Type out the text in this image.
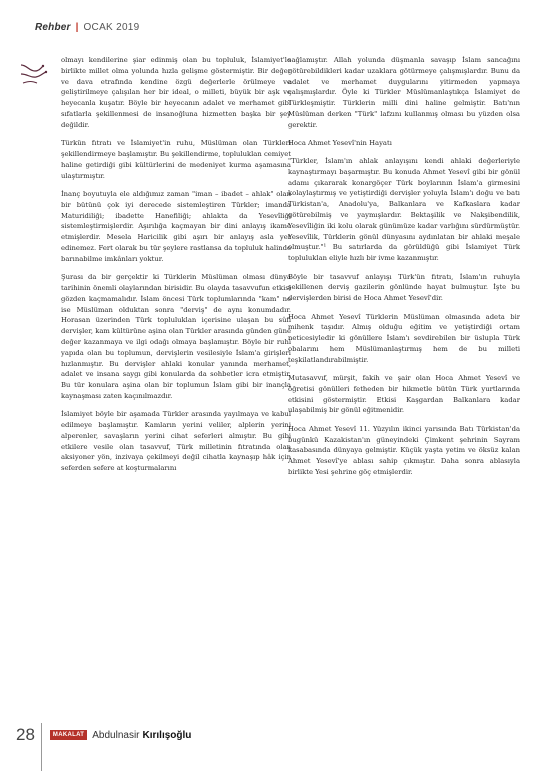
Rehber | OCAK 2019

olmayı kendilerine şiar edinmiş olan bu topluluk, İslamiyet'le birlikte millet olma yolunda hızla gelişme göstermiştir. Bir değer ve dava etrafında kendine özgü değerlerle örülmeye ve geliştirilmeye çalışılan her bir ideal, o milleti, büyük bir aşk ve heyecanla kuşatır. Böyle bir heyecanın adalet ve merhamet gibi sıfatlarla şekillenmesi de insanoğluna hizmetten başka bir şey değildir.

Türkün fıtratı ve İslamiyet'in ruhu, Müslüman olan Türkleri şekillendirmeye başlamıştır. Bu şekillendirme, topluluklan cemiyet haline getirdiği gibi kültürlerini de medeniyet kurma aşamasına ulaştırmıştır.

İnanç boyutuyla ele aldığımız zaman "iman – ibadet – ahlak" olan bir bütünü çok iyi derecede sistemleştiren Türkler; imanda Maturidiliği; ibadette Hanefiliği; ahlakta da Yesevîliği sistemleştirmişlerdir. Aşırılığa kaçmayan bir dini anlayış ikame etmişlerdir. Mesela Haricilik gibi aşırı bir anlayış asla yer edinemez. Fert olarak bu tür şeylere rastlansa da topluluk halinde barınabilme imkânları yoktur.

Şurası da bir gerçektir ki Türklerin Müslüman olması dünya tarihinin önemli olaylarından birisidir. Bu olayda tasavvufun etkisi gözden kaçmamalıdır. İslam öncesi Türk toplumlarında "kam" ne ise Müslüman olduktan sonra "derviş" de aynı konumdadır. Horasan üzerinden Türk topluluklan içerisine ulaşan bu sûfi dervişler, kam kültürüne aşina olan Türkler arasında günden güne değer kazanmaya ve ilgi odağı olmaya başlamıştır. Böyle bir ruhi yapıda olan bu toplumun, dervişlerin vesilesiyle İslam'a girişleri hızlanmıştır. Bu dervişler ahlaki konular yanında merhamet, adalet ve insana saygı gibi konularda da sohbetler icra etmiştir. Bu tür konulara aşina olan bir toplumun İslam gibi bir inançla kaynaşması zaten kaçınılmazdır.

İslamiyet böyle bir aşamada Türkler arasında yayılmaya ve kabul edilmeye başlamıştır. Kamların yerini veliler, alplerin yerini alperenler, savaşların yerini cihat seferleri almıştır. Bu gibi etkilere vesile olan tasavvuf, Türk milletinin fıtratında olan aksiyoner yön, inzivaya çekilmeyi değil cihatla kaynaşıp hâk için seferden sefere at koşturmalarını

sağlamıştır. Allah yolunda düşmanla savaşıp İslam sancağını götürebildikleri kadar uzaklara götürmeye çalışmışlardır. Bunu da adalet ve merhamet duygularını yitirmeden yapmaya çalışmışlardır. Öyle ki Türkler Müslümanlaştıkça İslamiyet de Türkleşmiştir. Türklerin milli dini haline gelmiştir. Batı'nın Müslüman derken "Türk" lafzını kullanmış olması bu yüzden olsa gerektir.

Hoca Ahmet Yesevî'nin Hayatı

"Türkler, İslam'ın ahlak anlayışını kendi ahlaki değerleriyle kaynaştırmayı başarmıştır. Bu konuda Ahmet Yesevî gibi bir gönül adamı çıkararak konargöçer Türk boylarının İslam'a girmesini kolaylaştırmış ve yetiştirdiği dervişler yoluyla İslam'ı doğu ve batı Türkistan'a, Anadolu'ya, Balkanlara ve Kafkaslara kadar götürebilmiş ve yaymışlardır. Bektaşilik ve Nakşibendilik, Yesevîliğin iki kolu olarak günümüze kadar varlığını sürdürmüştür. Yesevîlik, Türklerin gönül dünyasını aydınlatan bir ahlaki meşale olmuştur."¹ Bu satırlarda da görüldüğü gibi İslamiyet Türk topluluklan eliyle hızlı bir ivme kazanmıştır.

Böyle bir tasavvuf anlayışı Türk'ün fıtratı, İslam'ın ruhuyla şekillenen derviş gazilerin gönlünde hayat bulmuştur. İşte bu dervişlerden birisi de Hoca Ahmet Yesevî'dir.

Hoca Ahmet Yesevî Türklerin Müslüman olmasında adeta bir mihenk taşıdır. Almış olduğu eğitim ve yetiştirdiği ortam neticesiyledir ki gönüllere İslam'ı sevdirebilen bir üslupla Türk obalarını hem Müslümanlaştırmış hem de bu milleti teşkilatlandırabilmiştir.

Mutasavvıf, mürşit, fakih ve şair olan Hoca Ahmet Yesevî ve öğretisi gönülleri fetheden bir hikmetle bütün Türk yurtlarında etkisini göstermiştir. Etkisi Kaşgardan Balkanlara kadar ulaşabilmiş bir gönül eğitmenidir.

Hoca Ahmet Yesevî 11. Yüzyılın ikinci yarısında Batı Türkistan'da bugünkü Kazakistan'ın güneyindeki Çimkent şehrinin Sayram kasabasında dünyaya gelmiştir. Küçük yaşta yetim ve öksüz kalan Ahmet Yesevî'ye ablası sahip çıkmıştır. Daha sonra ablasıyla birlikte Yesi şehrine göç etmişlerdir.

28	MAKALAT Abdulnasir Kırılışoğlu
